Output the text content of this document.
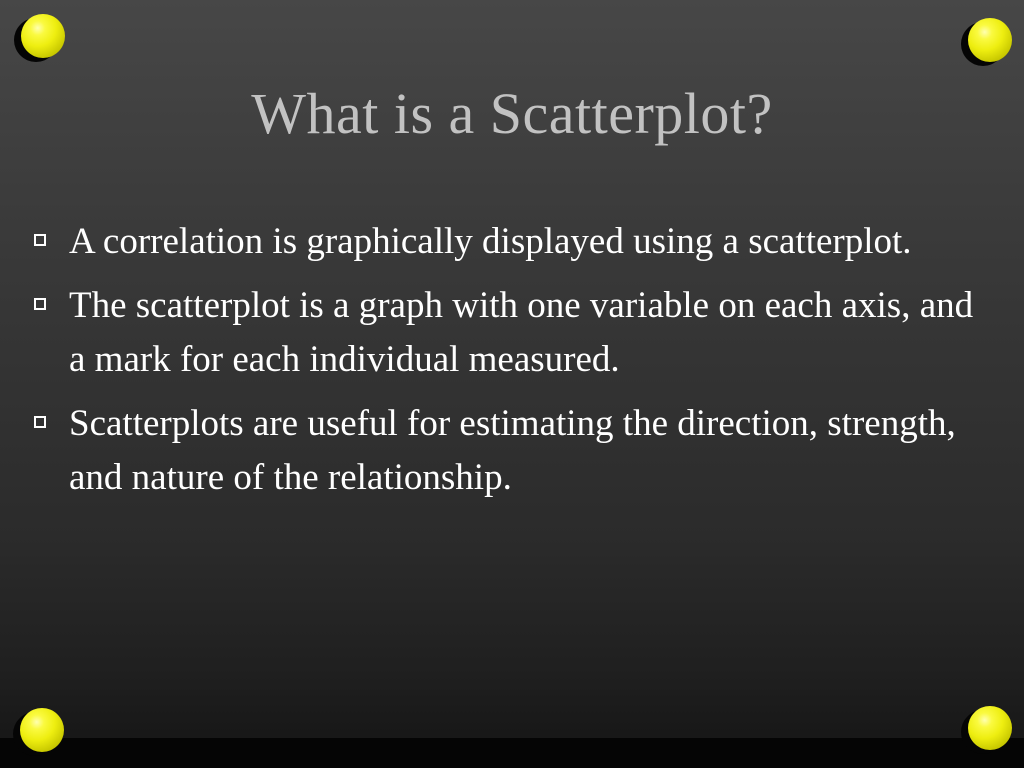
What is a Scatterplot?
A correlation is graphically displayed using a scatterplot.
The scatterplot is a graph with one variable on each axis, and a mark for each individual measured.
Scatterplots are useful for estimating the direction, strength, and nature of the relationship.
